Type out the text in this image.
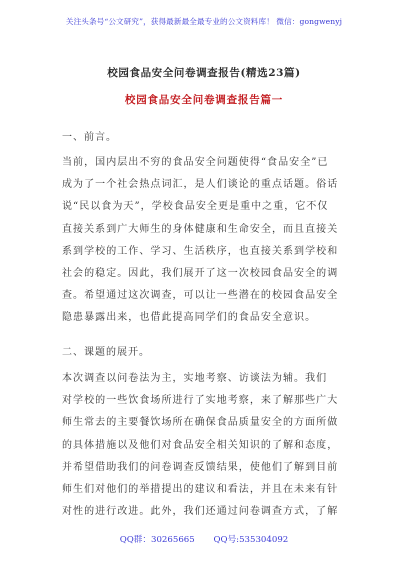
关注头条号“公文研究”，获得最新最全最专业的公文资料库！ 微信：gongwenyj
校园食品安全问卷调查报告(精选23篇)
校园食品安全问卷调查报告篇一
一、前言。
当前，国内层出不穷的食品安全问题使得“食品安全”已
成为了一个社会热点词汇，是人们谈论的重点话题。俗话
说“民以食为天”，学校食品安全更是重中之重，它不仅
直接关系到广大师生的身体健康和生命安全，而且直接关
系到学校的工作、学习、生活秩序，也直接关系到学校和
社会的稳定。因此，我们展开了这一次校园食品安全的调
查。希望通过这次调查，可以让一些潜在的校园食品安全
隐患暴露出来，也借此提高同学们的食品安全意识。
二、课题的展开。
本次调查以问卷法为主，实地考察、访谈法为辅。我们
对学校的一些饮食场所进行了实地考察，来了解那些广大
师生常去的主要餐饮场所在确保食品质量安全的方面所做
的具体措施以及他们对食品安全相关知识的了解和态度，
并希望借助我们的问卷调查反馈结果，使他们了解到目前
师生们对他们的举措提出的建议和看法，并且在未来有针
对性的进行改进。此外，我们还通过问卷调查方式，了解
QQ群：30265665 QQ号:535304092
